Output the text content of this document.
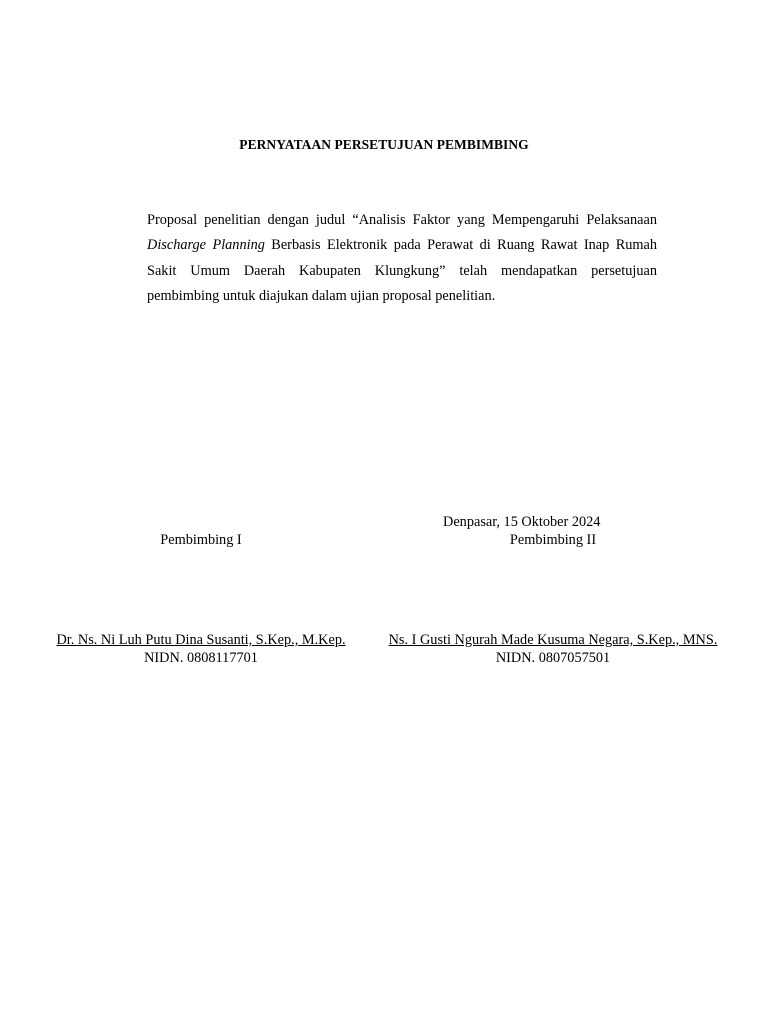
PERNYATAAN PERSETUJUAN PEMBIMBING

Proposal penelitian dengan judul “Analisis Faktor yang Mempengaruhi Pelaksanaan Discharge Planning Berbasis Elektronik pada Perawat di Ruang Rawat Inap Rumah Sakit Umum Daerah Kabupaten Klungkung” telah mendapatkan persetujuan pembimbing untuk diajukan dalam ujian proposal penelitian.

Denpasar, 15 Oktober 2024
Pembimbing I	Pembimbing II
Dr. Ns. Ni Luh Putu Dina Susanti, S.Kep., M.Kep.	Ns. I Gusti Ngurah Made Kusuma Negara, S.Kep., MNS.
NIDN. 0808117701	NIDN. 0807057501
